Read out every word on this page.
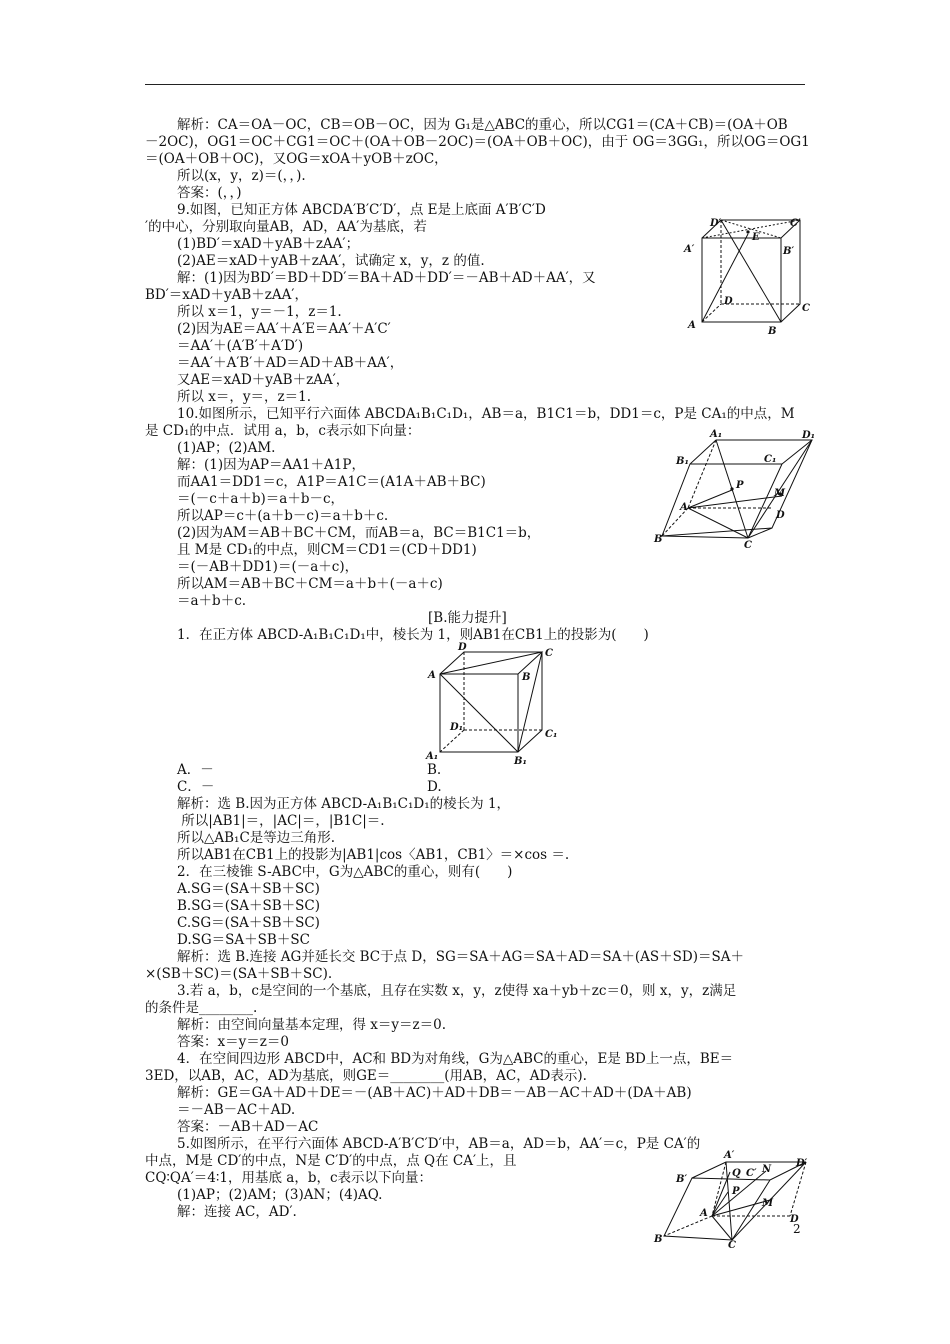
解析：CA＝OA－OC，CB＝OB－OC，因为 G₁是△ABC的重心，所以CG1＝(CA＋CB)＝(OA＋OB
－2OC)，OG1＝OC＋CG1＝OC＋(OA＋OB－2OC)＝(OA＋OB＋OC)，由于 OG＝3GG₁，所以OG＝OG1
＝(OA＋OB＋OC)，又OG＝xOA＋yOB＋zOC，
所以(x，y，z)＝(，，).
答案：(，，)
9.如图，已知正方体 ABCDA′B′C′D′，点 E是上底面 A′B′C′D
′的中心，分别取向量AB，AD，AA′为基底，若
(1)BD′＝xAD＋yAB＋zAA′；
(2)AE＝xAD＋yAB＋zAA′，试确定 x，y，z 的值.
解：(1)因为BD′＝BD＋DD′＝BA＋AD＋DD′＝－AB＋AD＋AA′，又
BD′＝xAD＋yAB＋zAA′，
所以 x＝1，y＝－1，z＝1.
(2)因为AE＝AA′＋A′E＝AA′＋A′C′
＝AA′＋(A′B′＋A′D′)
＝AA′＋A′B′＋AD＝AD＋AB＋AA′，
又AE＝xAD＋yAB＋zAA′，
所以 x＝，y＝，z＝1.
10.如图所示，已知平行六面体 ABCDA₁B₁C₁D₁，AB＝a，B1C1＝b，DD1＝c，P是 CA₁的中点，M
是 CD₁的中点．试用 a，b，c表示如下向量：
(1)AP；(2)AM.
解：(1)因为AP＝AA1＋A1P，
而AA1＝DD1＝c，A1P＝A1C＝(A1A＋AB＋BC)
＝(－c＋a＋b)＝a＋b－c，
所以AP＝c＋(a＋b－c)＝a＋b＋c.
(2)因为AM＝AB＋BC＋CM，而AB＝a，BC＝B1C1＝b，
且 M是 CD₁的中点，则CM＝CD1＝(CD＋DD1)
＝(－AB＋DD1)＝(－a＋c)，
所以AM＝AB＋BC＋CM＝a＋b＋(－a＋c)
＝a＋b＋c.
[B.能力提升]
1．在正方体 ABCD-A₁B₁C₁D₁中，棱长为 1，则AB1在CB1上的投影为(　　)
A．－	B.
C．－	D.
解析：选 B.因为正方体 ABCD-A₁B₁C₁D₁的棱长为 1，
所以|AB1|＝，|AC|＝，|B1C|＝.
所以△AB₁C是等边三角形.
所以AB1在CB1上的投影为|AB1|cos〈AB1，CB1〉＝×cos ＝.
2．在三棱锥 S-ABC中，G为△ABC的重心，则有(　　)
A.SG＝(SA＋SB＋SC)
B.SG＝(SA＋SB＋SC)
C.SG＝(SA＋SB＋SC)
D.SG＝SA＋SB＋SC
解析：选 B.连接 AG并延长交 BC于点 D，SG＝SA＋AG＝SA＋AD＝SA＋(AS＋SD)＝SA＋
×(SB＋SC)＝(SA＋SB＋SC).
3.若 a，b，c是空间的一个基底，且存在实数 x，y，z使得 xa＋yb＋zc＝0，则 x，y，z满足
的条件是________.
解析：由空间向量基本定理，得 x＝y＝z＝0.
答案：x＝y＝z＝0
4．在空间四边形 ABCD中，AC和 BD为对角线，G为△ABC的重心，E是 BD上一点，BE＝
3ED，以AB，AC，AD为基底，则GE＝________(用AB，AC，AD表示).
解析：GE＝GA＋AD＋DE＝－(AB＋AC)＋AD＋DB＝－AB－AC＋AD＋(DA＋AB)
＝－AB－AC＋AD.
答案：－AB＋AD－AC
5.如图所示，在平行六面体 ABCD-A′B′C′D′中，AB＝a，AD＝b，AA′＝c，P是 CA′的
中点，M是 CD′的中点，N是 C′D′的中点，点 Q在 CA′上，且
CQ∶QA′＝4∶1，用基底 a，b，c表示以下向量：
(1)AP；(2)AM；(3)AN；(4)AQ.
解：连接 AC，AD′.
D′	C′
A′	B′
E
D
A
B
C
A₁	D₁
B₁	C₁
P
M
A
D
B
C
D
C
A	B
D₁
C₁
A₁	B₁
A′
D′
B′
Q C′ N
P
M
A
D
B
C
2
